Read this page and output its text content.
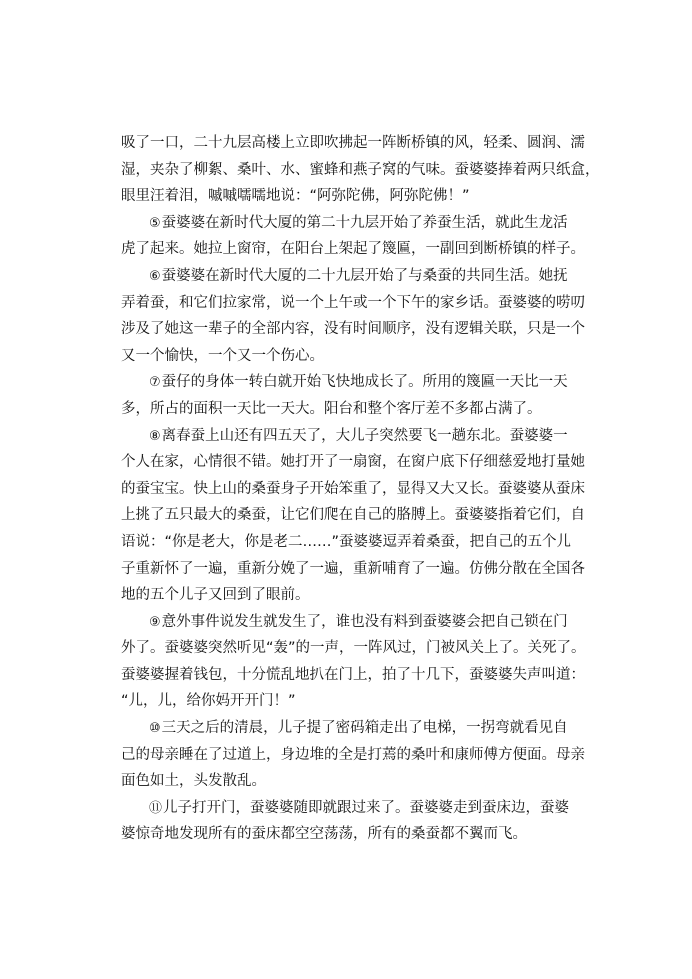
吸了一口，二十九层高楼上立即吹拂起一阵断桥镇的风，轻柔、圆润、濡
湿，夹杂了柳絮、桑叶、水、蜜蜂和燕子窝的气味。蚕婆婆捧着两只纸盒，
眼里汪着泪，嘁嘁嚅嚅地说：“阿弥陀佛，阿弥陀佛！”
⑤蚕婆婆在新时代大厦的第二十九层开始了养蚕生活，就此生龙活
虎了起来。她拉上窗帘，在阳台上架起了篾匾，一副回到断桥镇的样子。
⑥蚕婆婆在新时代大厦的二十九层开始了与桑蚕的共同生活。她抚
弄着蚕，和它们拉家常，说一个上午或一个下午的家乡话。蚕婆婆的唠叨
涉及了她这一辈子的全部内容，没有时间顺序，没有逻辑关联，只是一个
又一个愉快，一个又一个伤心。
⑦蚕仔的身体一转白就开始飞快地成长了。所用的篾匾一天比一天
多，所占的面积一天比一天大。阳台和整个客厅差不多都占满了。
⑧离春蚕上山还有四五天了，大儿子突然要飞一趟东北。蚕婆婆一
个人在家，心情很不错。她打开了一扇窗，在窗户底下仔细慈爱地打量她
的蚕宝宝。快上山的桑蚕身子开始笨重了，显得又大又长。蚕婆婆从蚕床
上挑了五只最大的桑蚕，让它们爬在自己的胳膊上。蚕婆婆指着它们，自
语说：“你是老大，你是老二……”蚕婆婆逗弄着桑蚕，把自己的五个儿
子重新怀了一遍，重新分娩了一遍，重新哺育了一遍。仿佛分散在全国各
地的五个儿子又回到了眼前。
⑨意外事件说发生就发生了，谁也没有料到蚕婆婆会把自己锁在门
外了。蚕婆婆突然听见“轰”的一声，一阵风过，门被风关上了。关死了。
蚕婆婆握着钱包，十分慌乱地扒在门上，拍了十几下，蚕婆婆失声叫道：
“儿，儿，给你妈开开门！”
⑩三天之后的清晨，儿子提了密码箱走出了电梯，一拐弯就看见自
己的母亲睡在了过道上，身边堆的全是打蔫的桑叶和康师傅方便面。母亲
面色如土，头发散乱。
⑪儿子打开门，蚕婆婆随即就跟过来了。蚕婆婆走到蚕床边，蚕婆
婆惊奇地发现所有的蚕床都空空荡荡，所有的桑蚕都不翼而飞。
